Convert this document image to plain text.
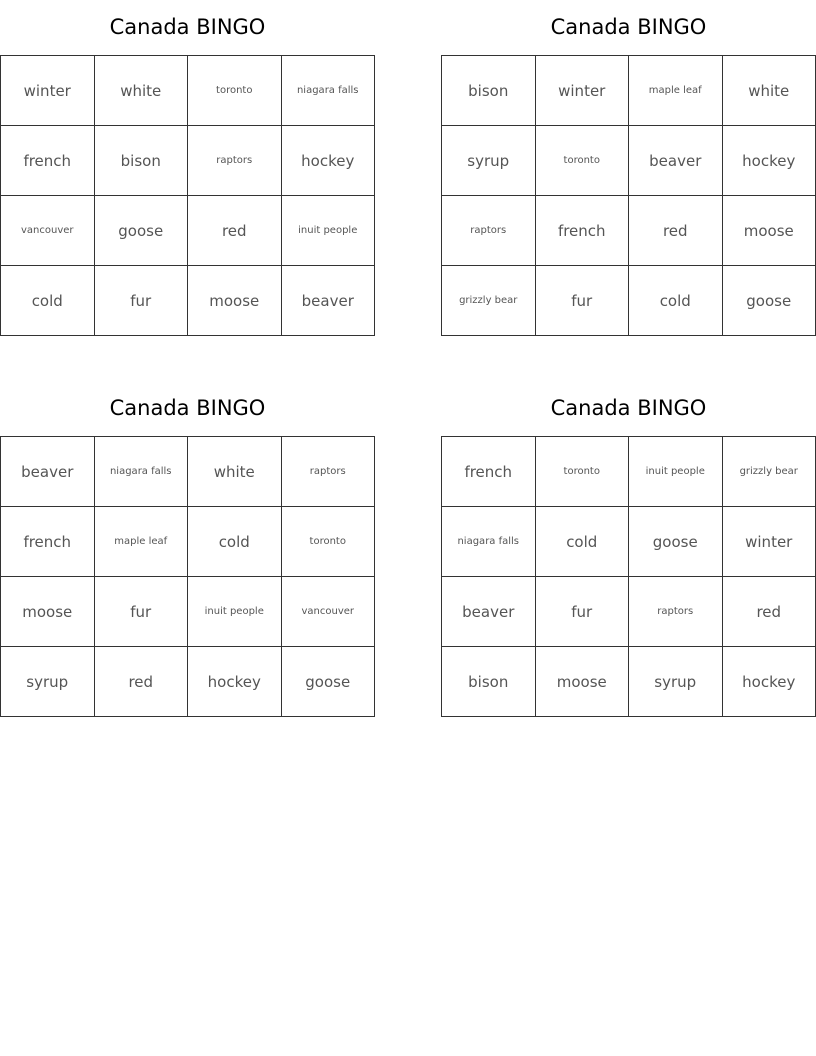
Canada BINGO
winter	white	toronto	niagara falls
french	bison	raptors	hockey
vancouver	goose	red	inuit people
cold	fur	moose	beaver
Canada BINGO
bison	winter	maple leaf	white
syrup	toronto	beaver	hockey
raptors	french	red	moose
grizzly bear	fur	cold	goose
Canada BINGO
beaver	niagara falls	white	raptors
french	maple leaf	cold	toronto
moose	fur	inuit people	vancouver
syrup	red	hockey	goose
Canada BINGO
french	toronto	inuit people	grizzly bear
niagara falls	cold	goose	winter
beaver	fur	raptors	red
bison	moose	syrup	hockey
